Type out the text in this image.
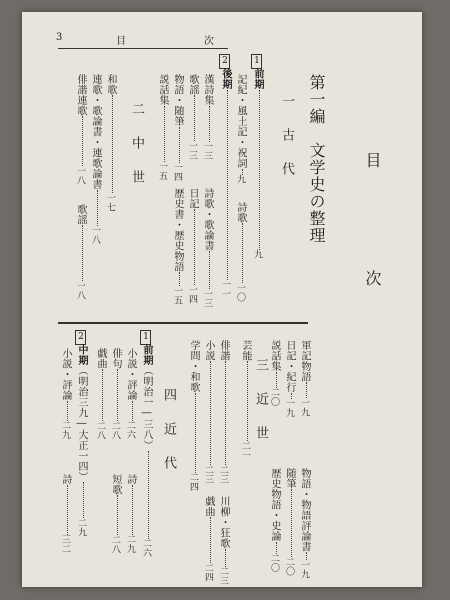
3	目	次
目
次
第一編　文学史の整理
一 古 代
1前期九
記紀・風土記・祝詞九
詩歌一〇
2後期一一
漢詩集一三
詩歌・歌論書一三
歌謡一三
日記一四
物語・随筆一四
歴史書・歴史物語一五
説話集一五
二 中 世
和歌一七
連歌・歌論書・連歌論書一八
俳諧連歌一八
歌謡一八
三 近 世	軍記物語一九
物語・物語評論書一九
日記・紀行一九
随筆二〇
説話集二〇
歴史物語・史論二〇
芸能二一
俳諧二三
川柳・狂歌二三
小説二三
戯曲二四
学問・和歌二四
四 近 代
1前期（明治一―三八）二六
小説・評論二六
詩二九
俳句二八
短歌二八
戯曲二八
2中期（明治三九―大正一四）二九
小説・評論二九
詩三二
